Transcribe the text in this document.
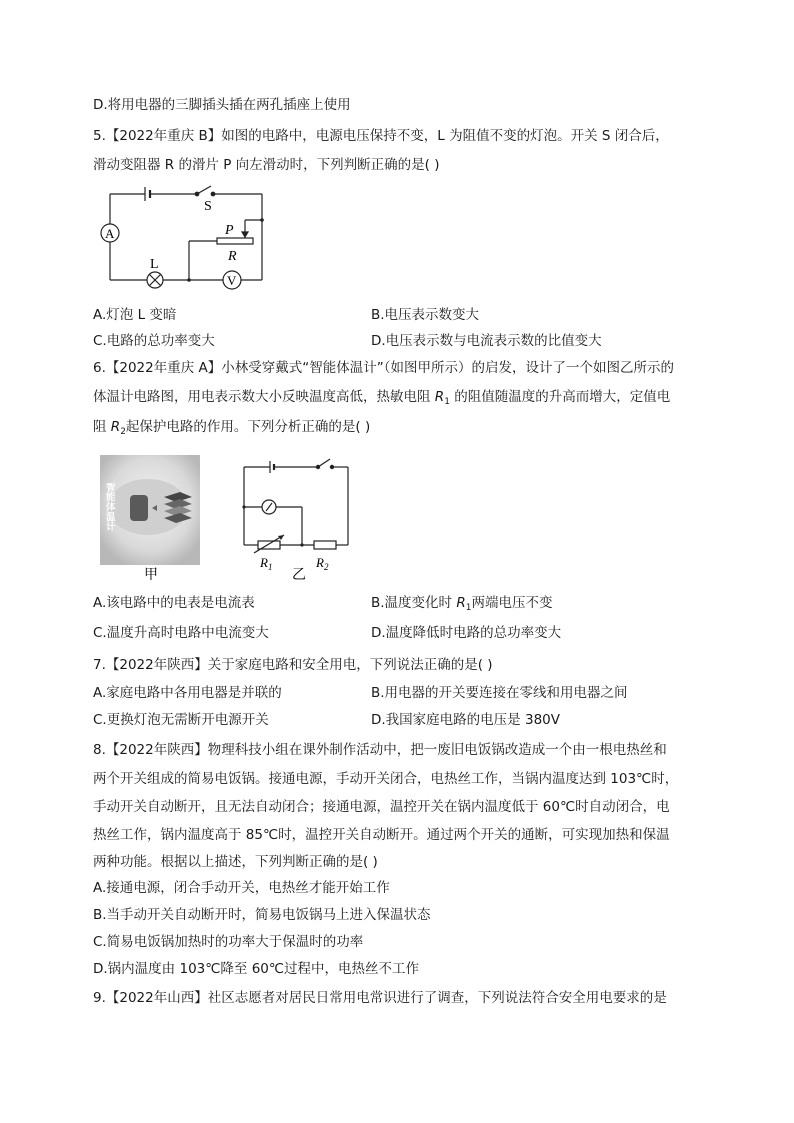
D.将用电器的三脚插头插在两孔插座上使用
5.【2022年重庆 B】如图的电路中，电源电压保持不变，L 为阻值不变的灯泡。开关 S 闭合后，
滑动变阻器 R 的滑片 P 向左滑动时，下列判断正确的是( )
S
P
R
L
A
V
A.灯泡 L 变暗	B.电压表示数变大
C.电路的总功率变大	D.电压表示数与电流表示数的比值变大
6.【2022年重庆 A】小林受穿戴式“智能体温计”（如图甲所示）的启发，设计了一个如图乙所示的
体温计电路图，用电表示数大小反映温度高低，热敏电阻 $R_1$ 的阻值随温度的升高而增大，定值电
阻 $R_2$起保护电路的作用。下列分析正确的是( )
智能体温计
甲
$R_1$	$R_2$
乙
A.该电路中的电表是电流表	B.温度变化时 $R_1$两端电压不变
C.温度升高时电路中电流变大	D.温度降低时电路的总功率变大
7.【2022年陕西】关于家庭电路和安全用电，下列说法正确的是( )
A.家庭电路中各用电器是并联的	B.用电器的开关要连接在零线和用电器之间
C.更换灯泡无需断开电源开关	D.我国家庭电路的电压是 380V
8.【2022年陕西】物理科技小组在课外制作活动中，把一废旧电饭锅改造成一个由一根电热丝和
两个开关组成的简易电饭锅。接通电源，手动开关闭合，电热丝工作，当锅内温度达到 103℃时，
手动开关自动断开，且无法自动闭合；接通电源，温控开关在锅内温度低于 60℃时自动闭合，电
热丝工作，锅内温度高于 85℃时，温控开关自动断开。通过两个开关的通断，可实现加热和保温
两种功能。根据以上描述，下列判断正确的是( )
A.接通电源，闭合手动开关，电热丝才能开始工作
B.当手动开关自动断开时，简易电饭锅马上进入保温状态
C.简易电饭锅加热时的功率大于保温时的功率
D.锅内温度由 103℃降至 60℃过程中，电热丝不工作
9.【2022年山西】社区志愿者对居民日常用电常识进行了调查，下列说法符合安全用电要求的是
